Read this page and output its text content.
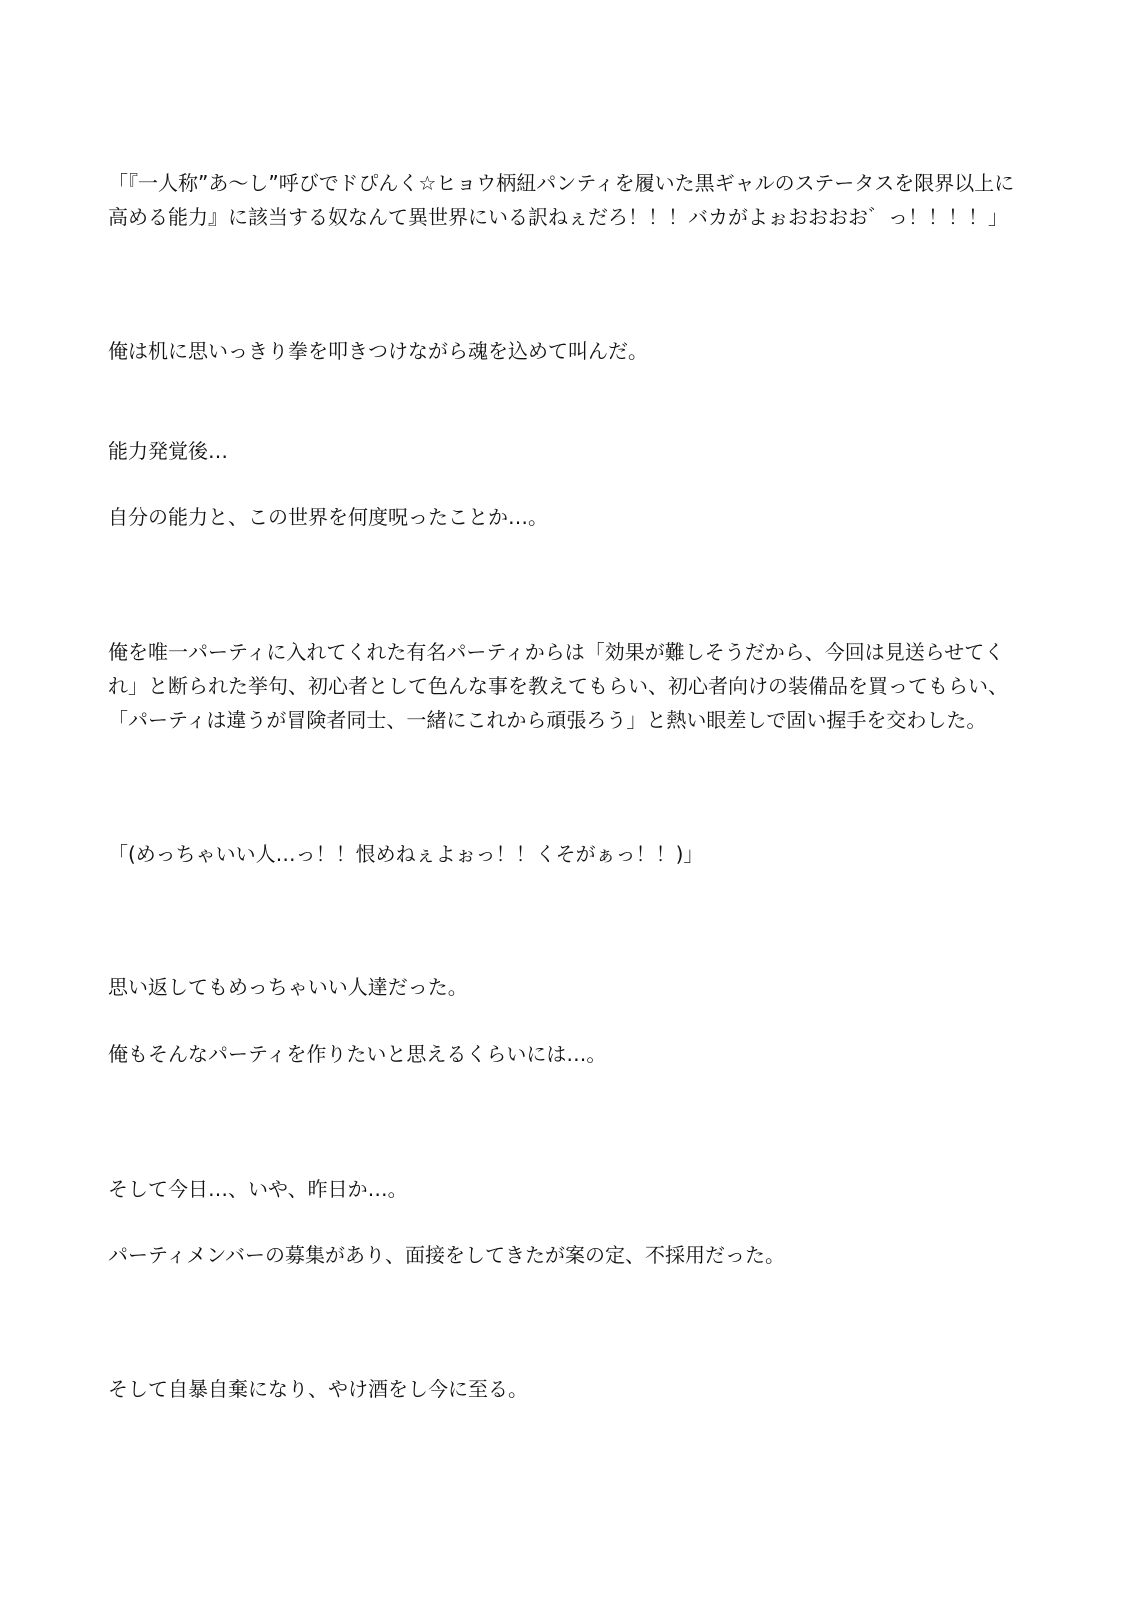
「『一人称”あ〜し”呼びでドぴんく☆ヒョウ柄紐パンティを履いた黒ギャルのステータスを限界以上に高める能力』に該当する奴なんて異世界にいる訳ねぇだろ！！！バカがよぉおおおお゛っ！！！！」

俺は机に思いっきり拳を叩きつけながら魂を込めて叫んだ。

能力発覚後…

自分の能力と、この世界を何度呪ったことか…。

俺を唯一パーティに入れてくれた有名パーティからは「効果が難しそうだから、今回は見送らせてくれ」と断られた挙句、初心者として色んな事を教えてもらい、初心者向けの装備品を買ってもらい、「パーティは違うが冒険者同士、一緒にこれから頑張ろう」と熱い眼差しで固い握手を交わした。

「(めっちゃいい人…っ！！恨めねぇよぉっ！！くそがぁっ！！)」

思い返してもめっちゃいい人達だった。

俺もそんなパーティを作りたいと思えるくらいには…。

そして今日…、いや、昨日か…。

パーティメンバーの募集があり、面接をしてきたが案の定、不採用だった。

そして自暴自棄になり、やけ酒をし今に至る。
